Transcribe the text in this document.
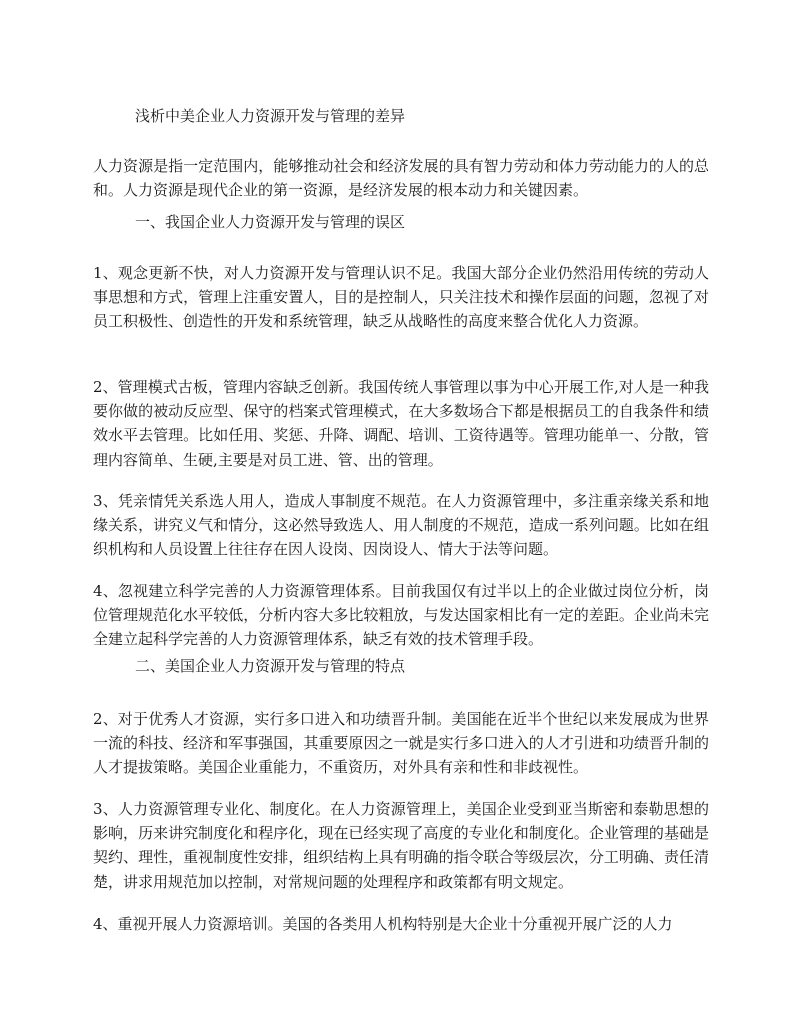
浅析中美企业人力资源开发与管理的差异

人力资源是指一定范围内，能够推动社会和经济发展的具有智力劳动和体力劳动能力的人的总和。人力资源是现代企业的第一资源，是经济发展的根本动力和关键因素。

一、我国企业人力资源开发与管理的误区

1、观念更新不快，对人力资源开发与管理认识不足。我国大部分企业仍然沿用传统的劳动人事思想和方式，管理上注重安置人，目的是控制人，只关注技术和操作层面的问题，忽视了对员工积极性、创造性的开发和系统管理，缺乏从战略性的高度来整合优化人力资源。

2、管理模式古板，管理内容缺乏创新。我国传统人事管理以事为中心开展工作,对人是一种我要你做的被动反应型、保守的档案式管理模式，在大多数场合下都是根据员工的自我条件和绩效水平去管理。比如任用、奖惩、升降、调配、培训、工资待遇等。管理功能单一、分散，管理内容简单、生硬,主要是对员工进、管、出的管理。

3、凭亲情凭关系选人用人，造成人事制度不规范。在人力资源管理中，多注重亲缘关系和地缘关系，讲究义气和情分，这必然导致选人、用人制度的不规范，造成一系列问题。比如在组织机构和人员设置上往往存在因人设岗、因岗设人、情大于法等问题。

4、忽视建立科学完善的人力资源管理体系。目前我国仅有过半以上的企业做过岗位分析，岗位管理规范化水平较低，分析内容大多比较粗放，与发达国家相比有一定的差距。企业尚未完全建立起科学完善的人力资源管理体系，缺乏有效的技术管理手段。

二、美国企业人力资源开发与管理的特点

2、对于优秀人才资源，实行多口进入和功绩晋升制。美国能在近半个世纪以来发展成为世界一流的科技、经济和军事强国，其重要原因之一就是实行多口进入的人才引进和功绩晋升制的人才提拔策略。美国企业重能力，不重资历，对外具有亲和性和非歧视性。

3、人力资源管理专业化、制度化。在人力资源管理上，美国企业受到亚当斯密和泰勒思想的影响，历来讲究制度化和程序化，现在已经实现了高度的专业化和制度化。企业管理的基础是契约、理性，重视制度性安排，组织结构上具有明确的指令联合等级层次，分工明确、责任清楚，讲求用规范加以控制，对常规问题的处理程序和政策都有明文规定。

4、重视开展人力资源培训。美国的各类用人机构特别是大企业十分重视开展广泛的人力
